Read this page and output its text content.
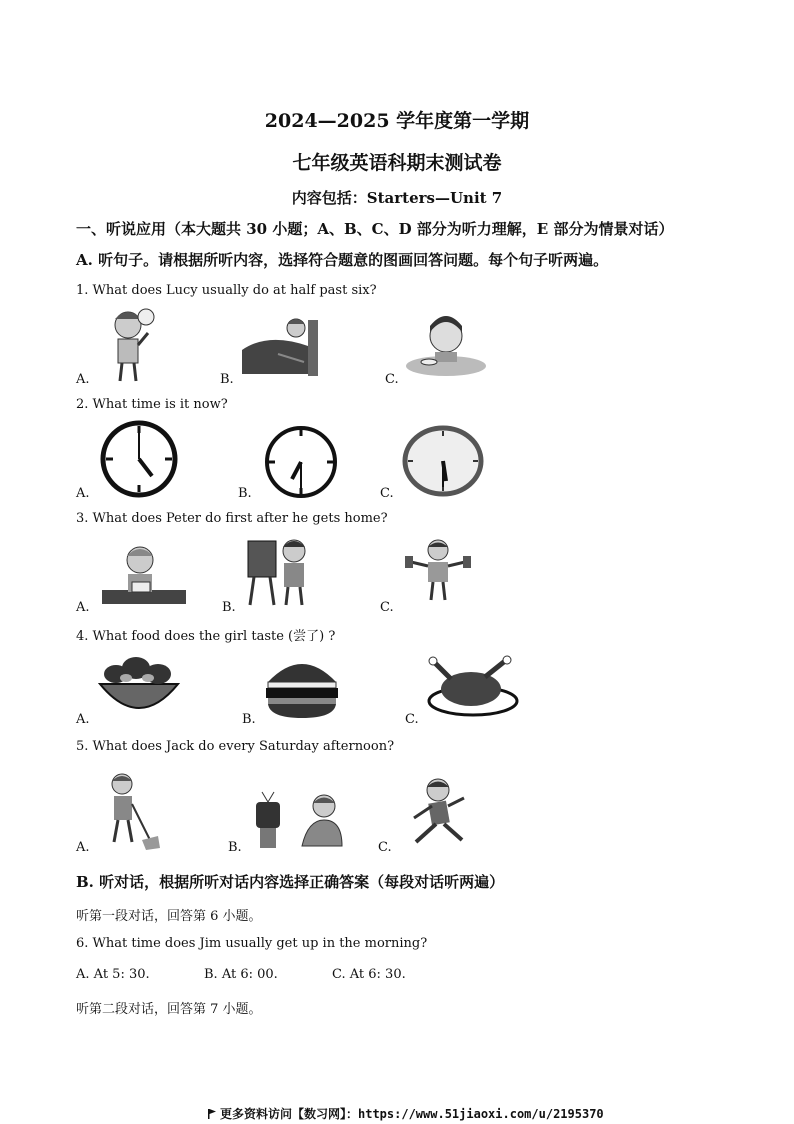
2024—2025 学年度第一学期
七年级英语科期末测试卷
内容包括：Starters—Unit 7
一、听说应用（本大题共 30 小题；A、B、C、D 部分为听力理解，E 部分为情景对话）
A. 听句子。请根据所听内容，选择符合题意的图画回答问题。每个句子听两遍。
1. What does Lucy usually do at half past six?
A.	B.	C.
2. What time is it now?
A.	B.	C.
3. What does Peter do first after he gets home?
A.	B.	C.
4. What food does the girl taste (尝了) ?
A.	B.	C.
5. What does Jack do every Saturday afternoon?
A.	B.	C.
B. 听对话，根据所听对话内容选择正确答案（每段对话听两遍）
听第一段对话，回答第 6 小题。
6. What time does Jim usually get up in the morning?
A. At 5: 30.	B. At 6: 00.	C. At 6: 30.
听第二段对话，回答第 7 小题。
更多资料访问【数习网】：https://www.51jiaoxi.com/u/2195370
